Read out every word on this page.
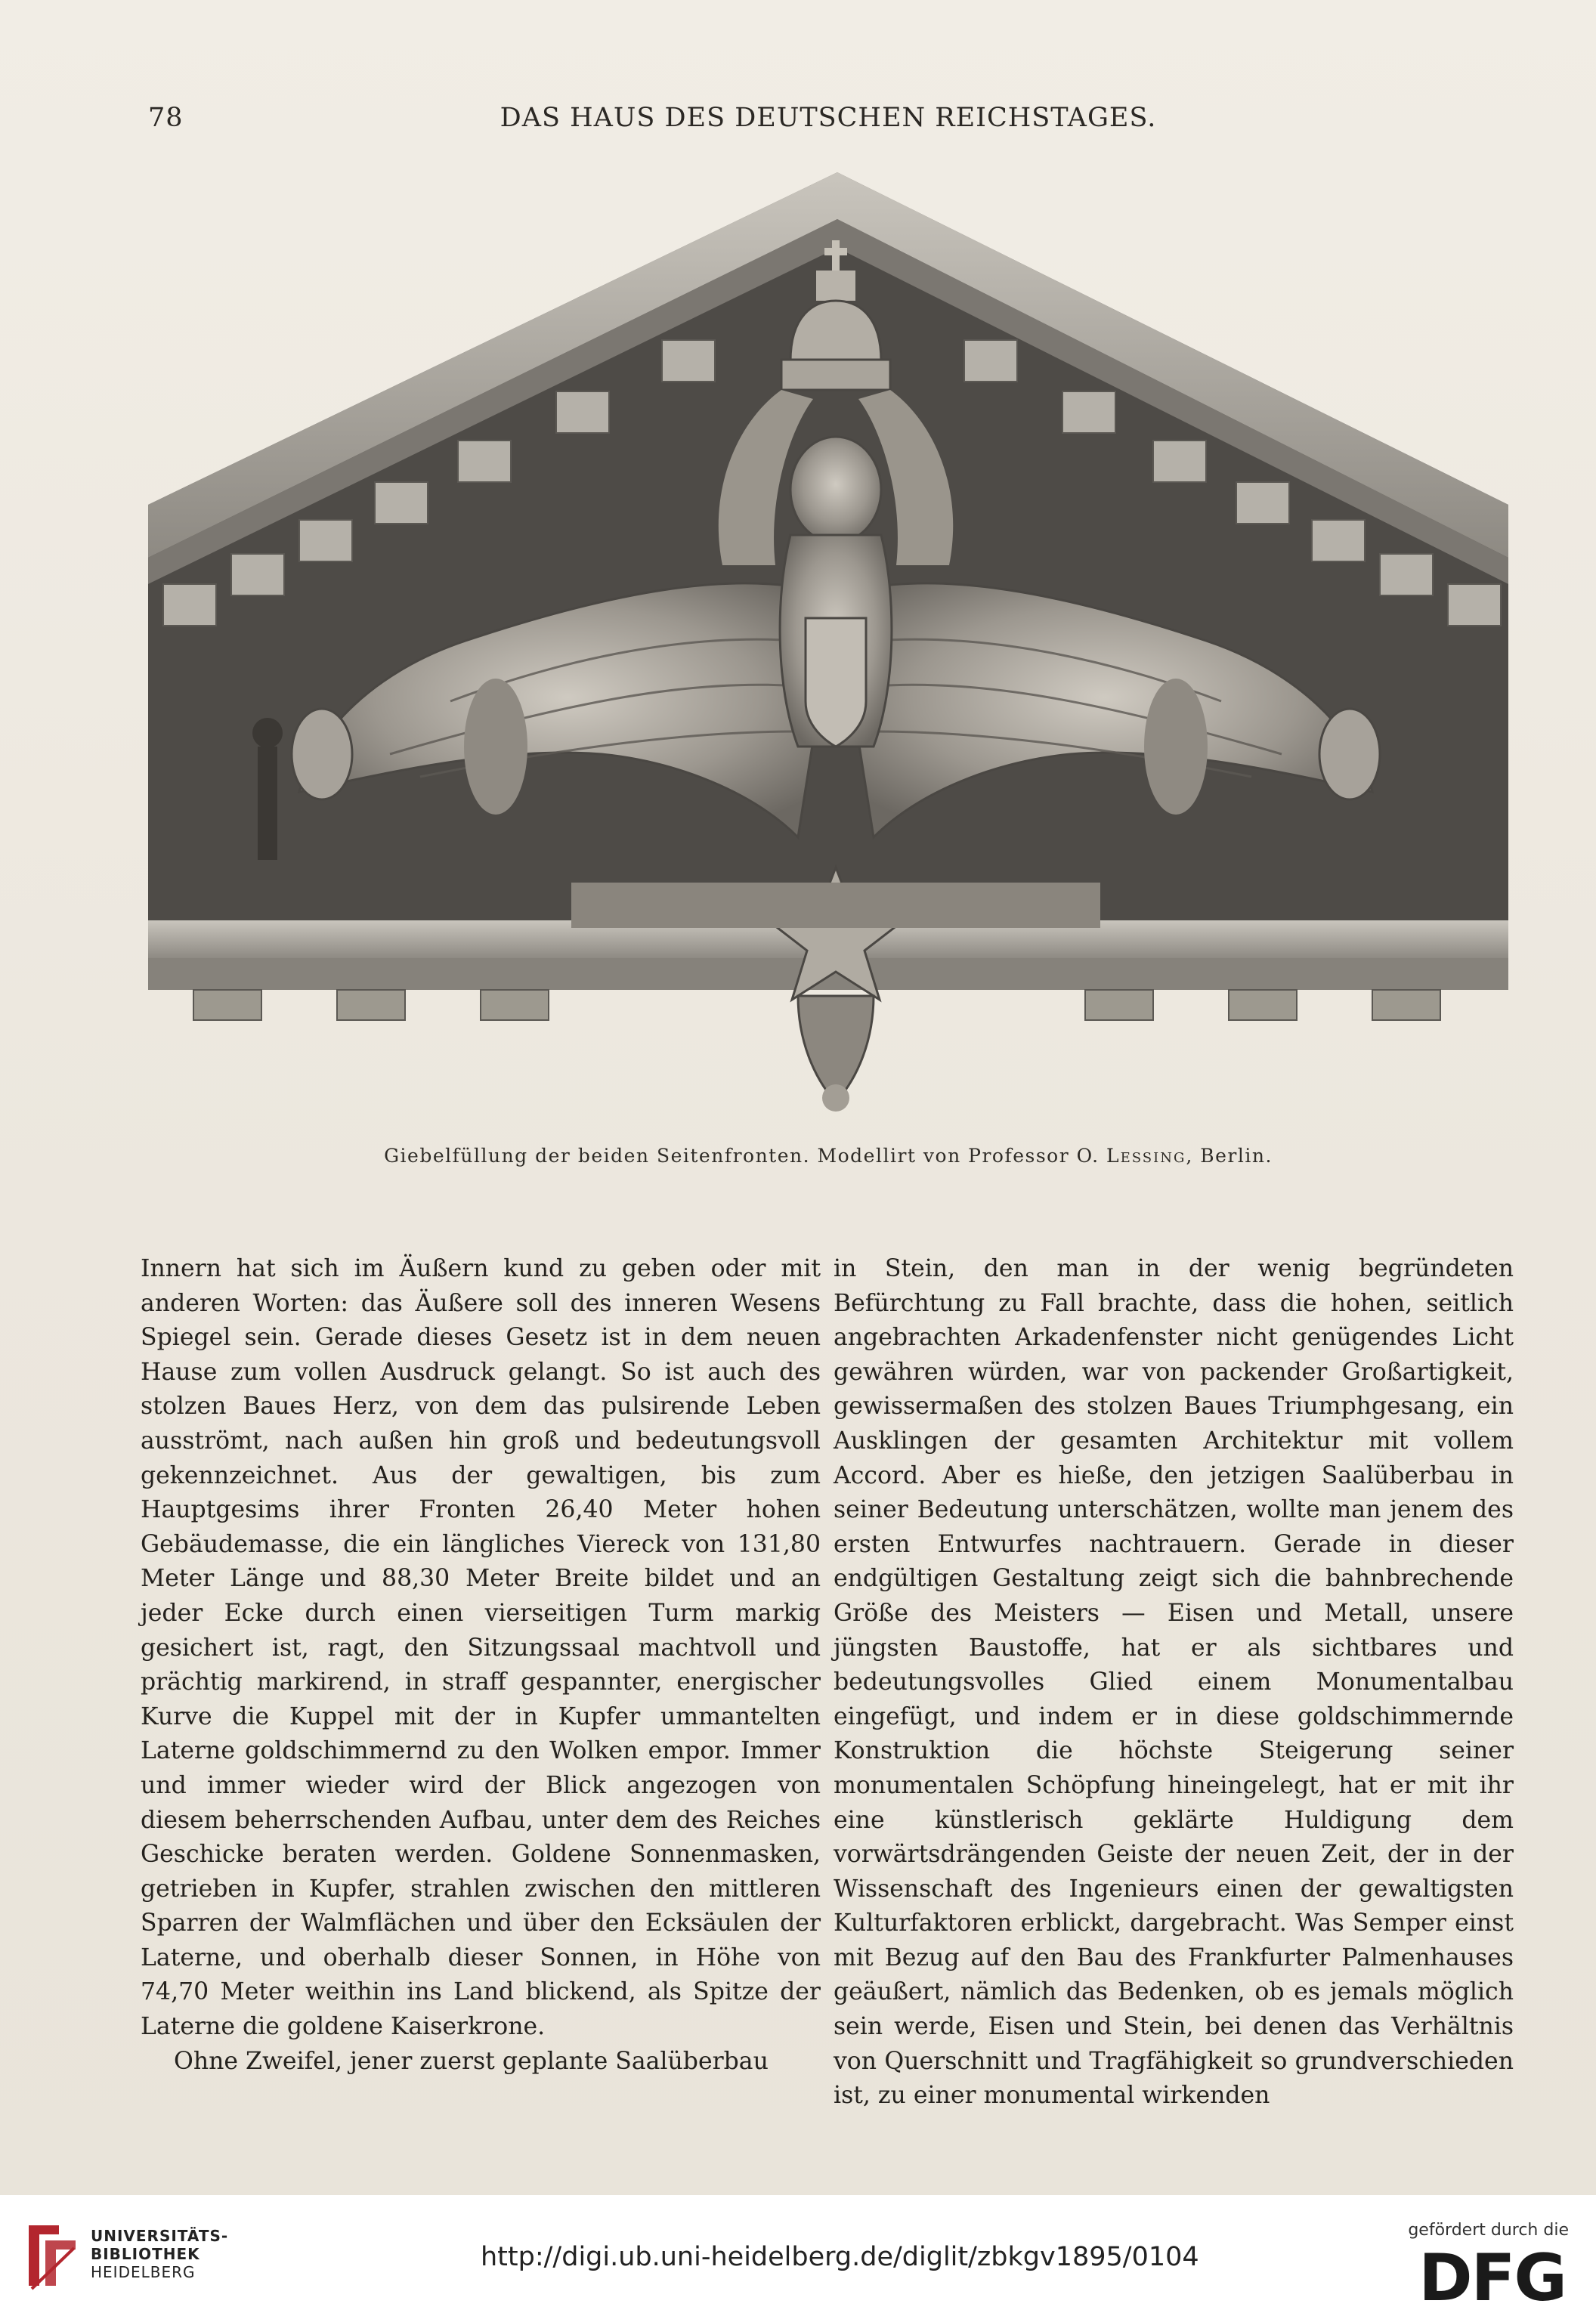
78	DAS HAUS DES DEUTSCHEN REICHSTAGES.
Giebelfüllung der beiden Seitenfronten. Modellirt von Professor O. Lessing, Berlin.

Innern hat sich im Äußern kund zu geben oder mit anderen Worten: das Äußere soll des inneren Wesens Spiegel sein. Gerade dieses Gesetz ist in dem neuen Hause zum vollen Ausdruck gelangt. So ist auch des stolzen Baues Herz, von dem das pulsirende Leben ausströmt, nach außen hin groß und bedeutungsvoll gekennzeichnet. Aus der gewaltigen, bis zum Hauptgesims ihrer Fronten 26,40 Meter hohen Gebäudemasse, die ein längliches Viereck von 131,80 Meter Länge und 88,30 Meter Breite bildet und an jeder Ecke durch einen vierseitigen Turm markig gesichert ist, ragt, den Sitzungssaal machtvoll und prächtig markirend, in straff gespannter, energischer Kurve die Kuppel mit der in Kupfer ummantelten Laterne goldschimmernd zu den Wolken empor. Immer und immer wieder wird der Blick angezogen von diesem beherrschenden Aufbau, unter dem des Reiches Geschicke beraten werden. Goldene Sonnenmasken, getrieben in Kupfer, strahlen zwischen den mittleren Sparren der Walmflächen und über den Ecksäulen der Laterne, und oberhalb dieser Sonnen, in Höhe von 74,70 Meter weithin ins Land blickend, als Spitze der Laterne die goldene Kaiserkrone.

Ohne Zweifel, jener zuerst geplante Saalüberbau

in Stein, den man in der wenig begründeten Befürchtung zu Fall brachte, dass die hohen, seitlich angebrachten Arkadenfenster nicht genügendes Licht gewähren würden, war von packender Großartigkeit, gewissermaßen des stolzen Baues Triumphgesang, ein Ausklingen der gesamten Architektur mit vollem Accord. Aber es hieße, den jetzigen Saalüberbau in seiner Bedeutung unterschätzen, wollte man jenem des ersten Entwurfes nachtrauern. Gerade in dieser endgültigen Gestaltung zeigt sich die bahnbrechende Größe des Meisters — Eisen und Metall, unsere jüngsten Baustoffe, hat er als sichtbares und bedeutungsvolles Glied einem Monumentalbau eingefügt, und indem er in diese goldschimmernde Konstruktion die höchste Steigerung seiner monumentalen Schöpfung hineingelegt, hat er mit ihr eine künstlerisch geklärte Huldigung dem vorwärtsdrängenden Geiste der neuen Zeit, der in der Wissenschaft des Ingenieurs einen der gewaltigsten Kulturfaktoren erblickt, dargebracht. Was Semper einst mit Bezug auf den Bau des Frankfurter Palmenhauses geäußert, nämlich das Bedenken, ob es jemals möglich sein werde, Eisen und Stein, bei denen das Verhältnis von Querschnitt und Tragfähigkeit so grundverschieden ist, zu einer monumental wirkenden

UNIVERSITÄTS-
BIBLIOTHEK
HEIDELBERG	http://digi.ub.uni-heidelberg.de/diglit/zbkgv1895/0104
gefördert durch die
DFG
